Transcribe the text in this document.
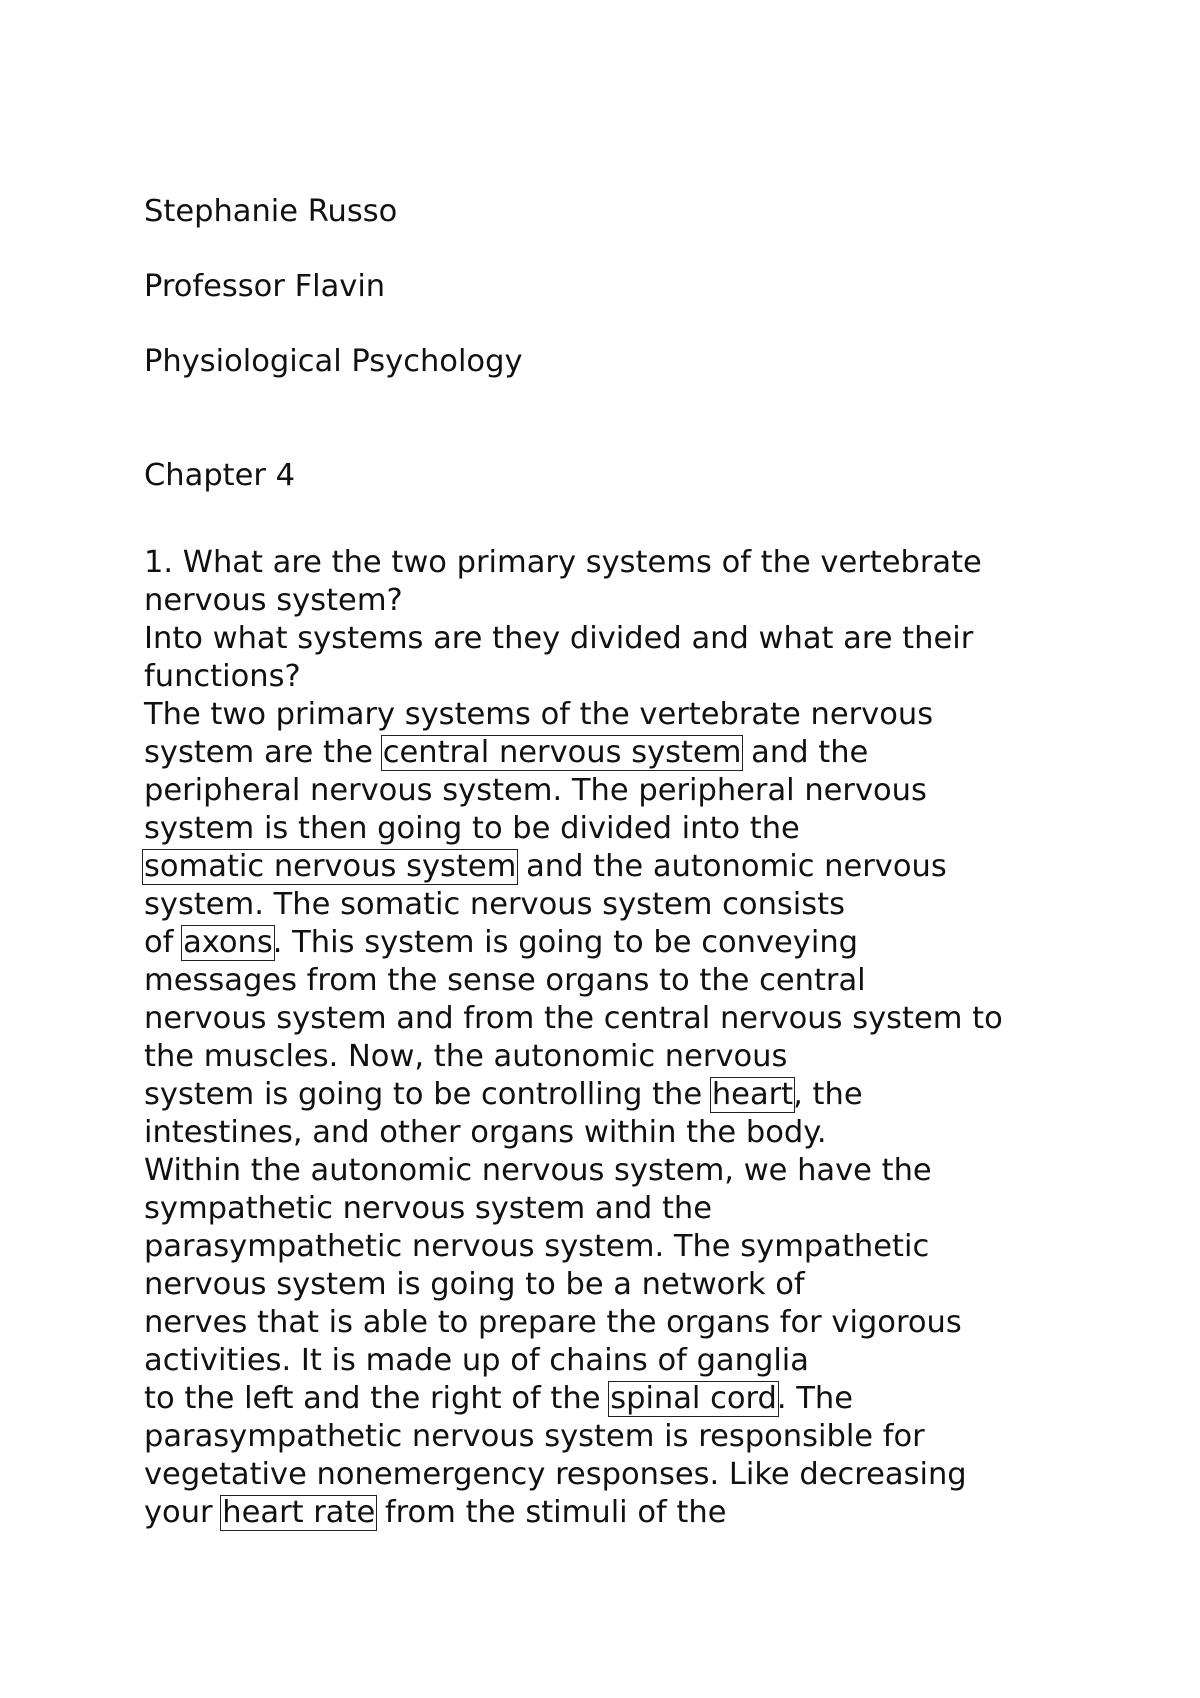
Stephanie Russo
Professor Flavin
Physiological Psychology
Chapter 4
1. What are the two primary systems of the vertebrate
nervous system?
Into what systems are they divided and what are their
functions?
The two primary systems of the vertebrate nervous
system are the central nervous system and the
peripheral nervous system. The peripheral nervous
system is then going to be divided into the
somatic nervous system and the autonomic nervous
system. The somatic nervous system consists
of axons. This system is going to be conveying
messages from the sense organs to the central
nervous system and from the central nervous system to
the muscles. Now, the autonomic nervous
system is going to be controlling the heart, the
intestines, and other organs within the body.
Within the autonomic nervous system, we have the
sympathetic nervous system and the
parasympathetic nervous system. The sympathetic
nervous system is going to be a network of
nerves that is able to prepare the organs for vigorous
activities. It is made up of chains of ganglia
to the left and the right of the spinal cord. The
parasympathetic nervous system is responsible for
vegetative nonemergency responses. Like decreasing
your heart rate from the stimuli of the
